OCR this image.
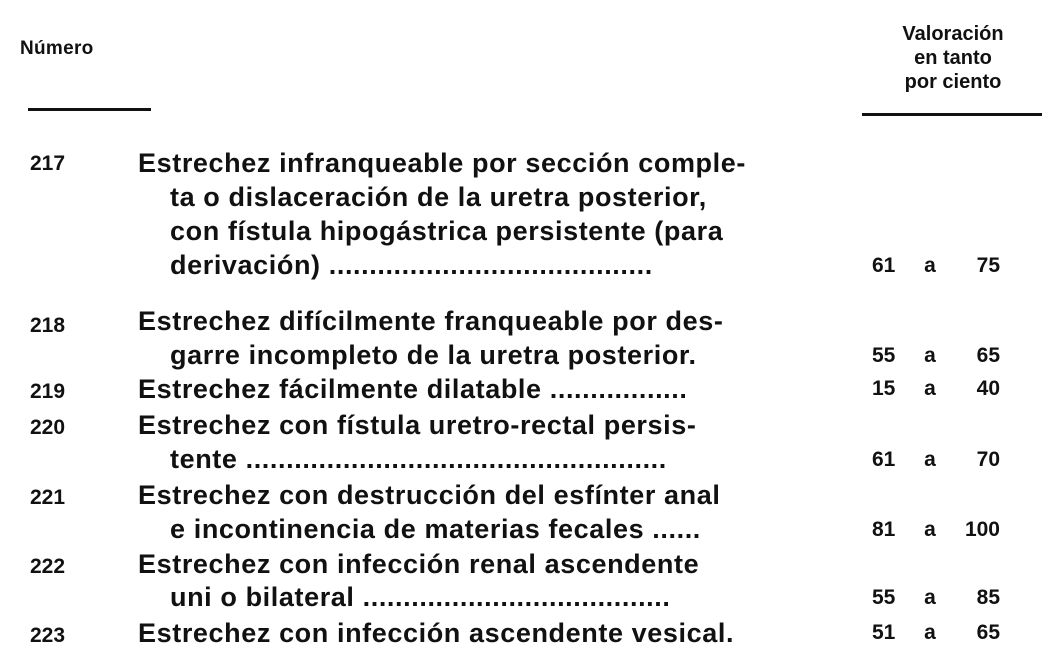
Número
Valoración
en tanto
por ciento
217	Estrechez infranqueable por sección comple-
ta o dislaceración de la uretra posterior,
con fístula hipogástrica persistente (para
derivación) ........................................	61	a	75
218	Estrechez difícilmente franqueable por des-
garre incompleto de la uretra posterior.	55	a	65
219	Estrechez fácilmente dilatable .................	15	a	40
220	Estrechez con fístula uretro-rectal persis-
tente ....................................................	61	a	70
221	Estrechez con destrucción del esfínter anal
e incontinencia de materias fecales ......	81	a	100
222	Estrechez con infección renal ascendente
uni o bilateral ......................................	55	a	85
223	Estrechez con infección ascendente vesical.	51	a	65
